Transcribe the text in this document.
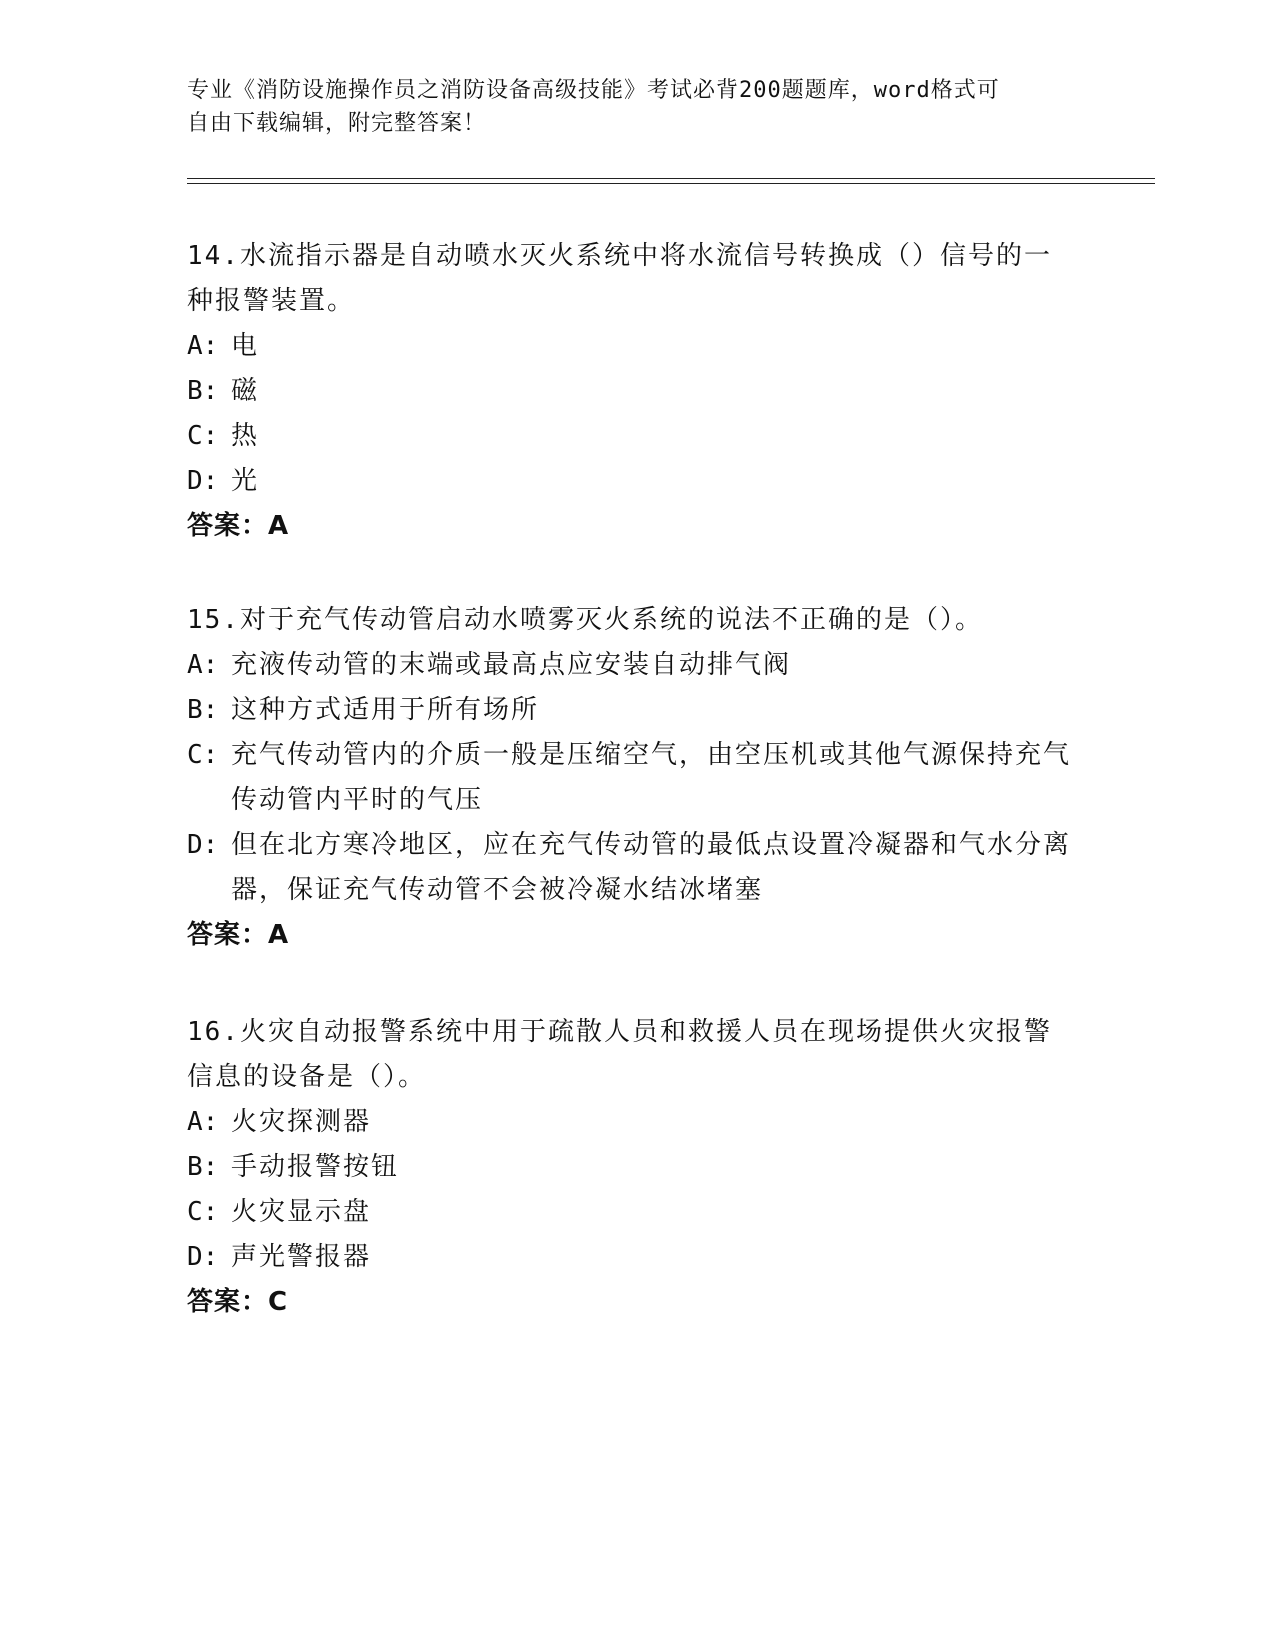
专业《消防设施操作员之消防设备高级技能》考试必背200题题库，word格式可
自由下载编辑，附完整答案！
14.水流指示器是自动喷水灭火系统中将水流信号转换成（）信号的一种报警装置。
A: 电
B: 磁
C: 热
D: 光
答案：A
15.对于充气传动管启动水喷雾灭火系统的说法不正确的是（）。
A: 充液传动管的末端或最高点应安装自动排气阀
B: 这种方式适用于所有场所
C: 充气传动管内的介质一般是压缩空气，由空压机或其他气源保持充气传动管内平时的气压
D: 但在北方寒冷地区，应在充气传动管的最低点设置冷凝器和气水分离器，保证充气传动管不会被冷凝水结冰堵塞
答案：A
16.火灾自动报警系统中用于疏散人员和救援人员在现场提供火灾报警信息的设备是（）。
A: 火灾探测器
B: 手动报警按钮
C: 火灾显示盘
D: 声光警报器
答案：C
